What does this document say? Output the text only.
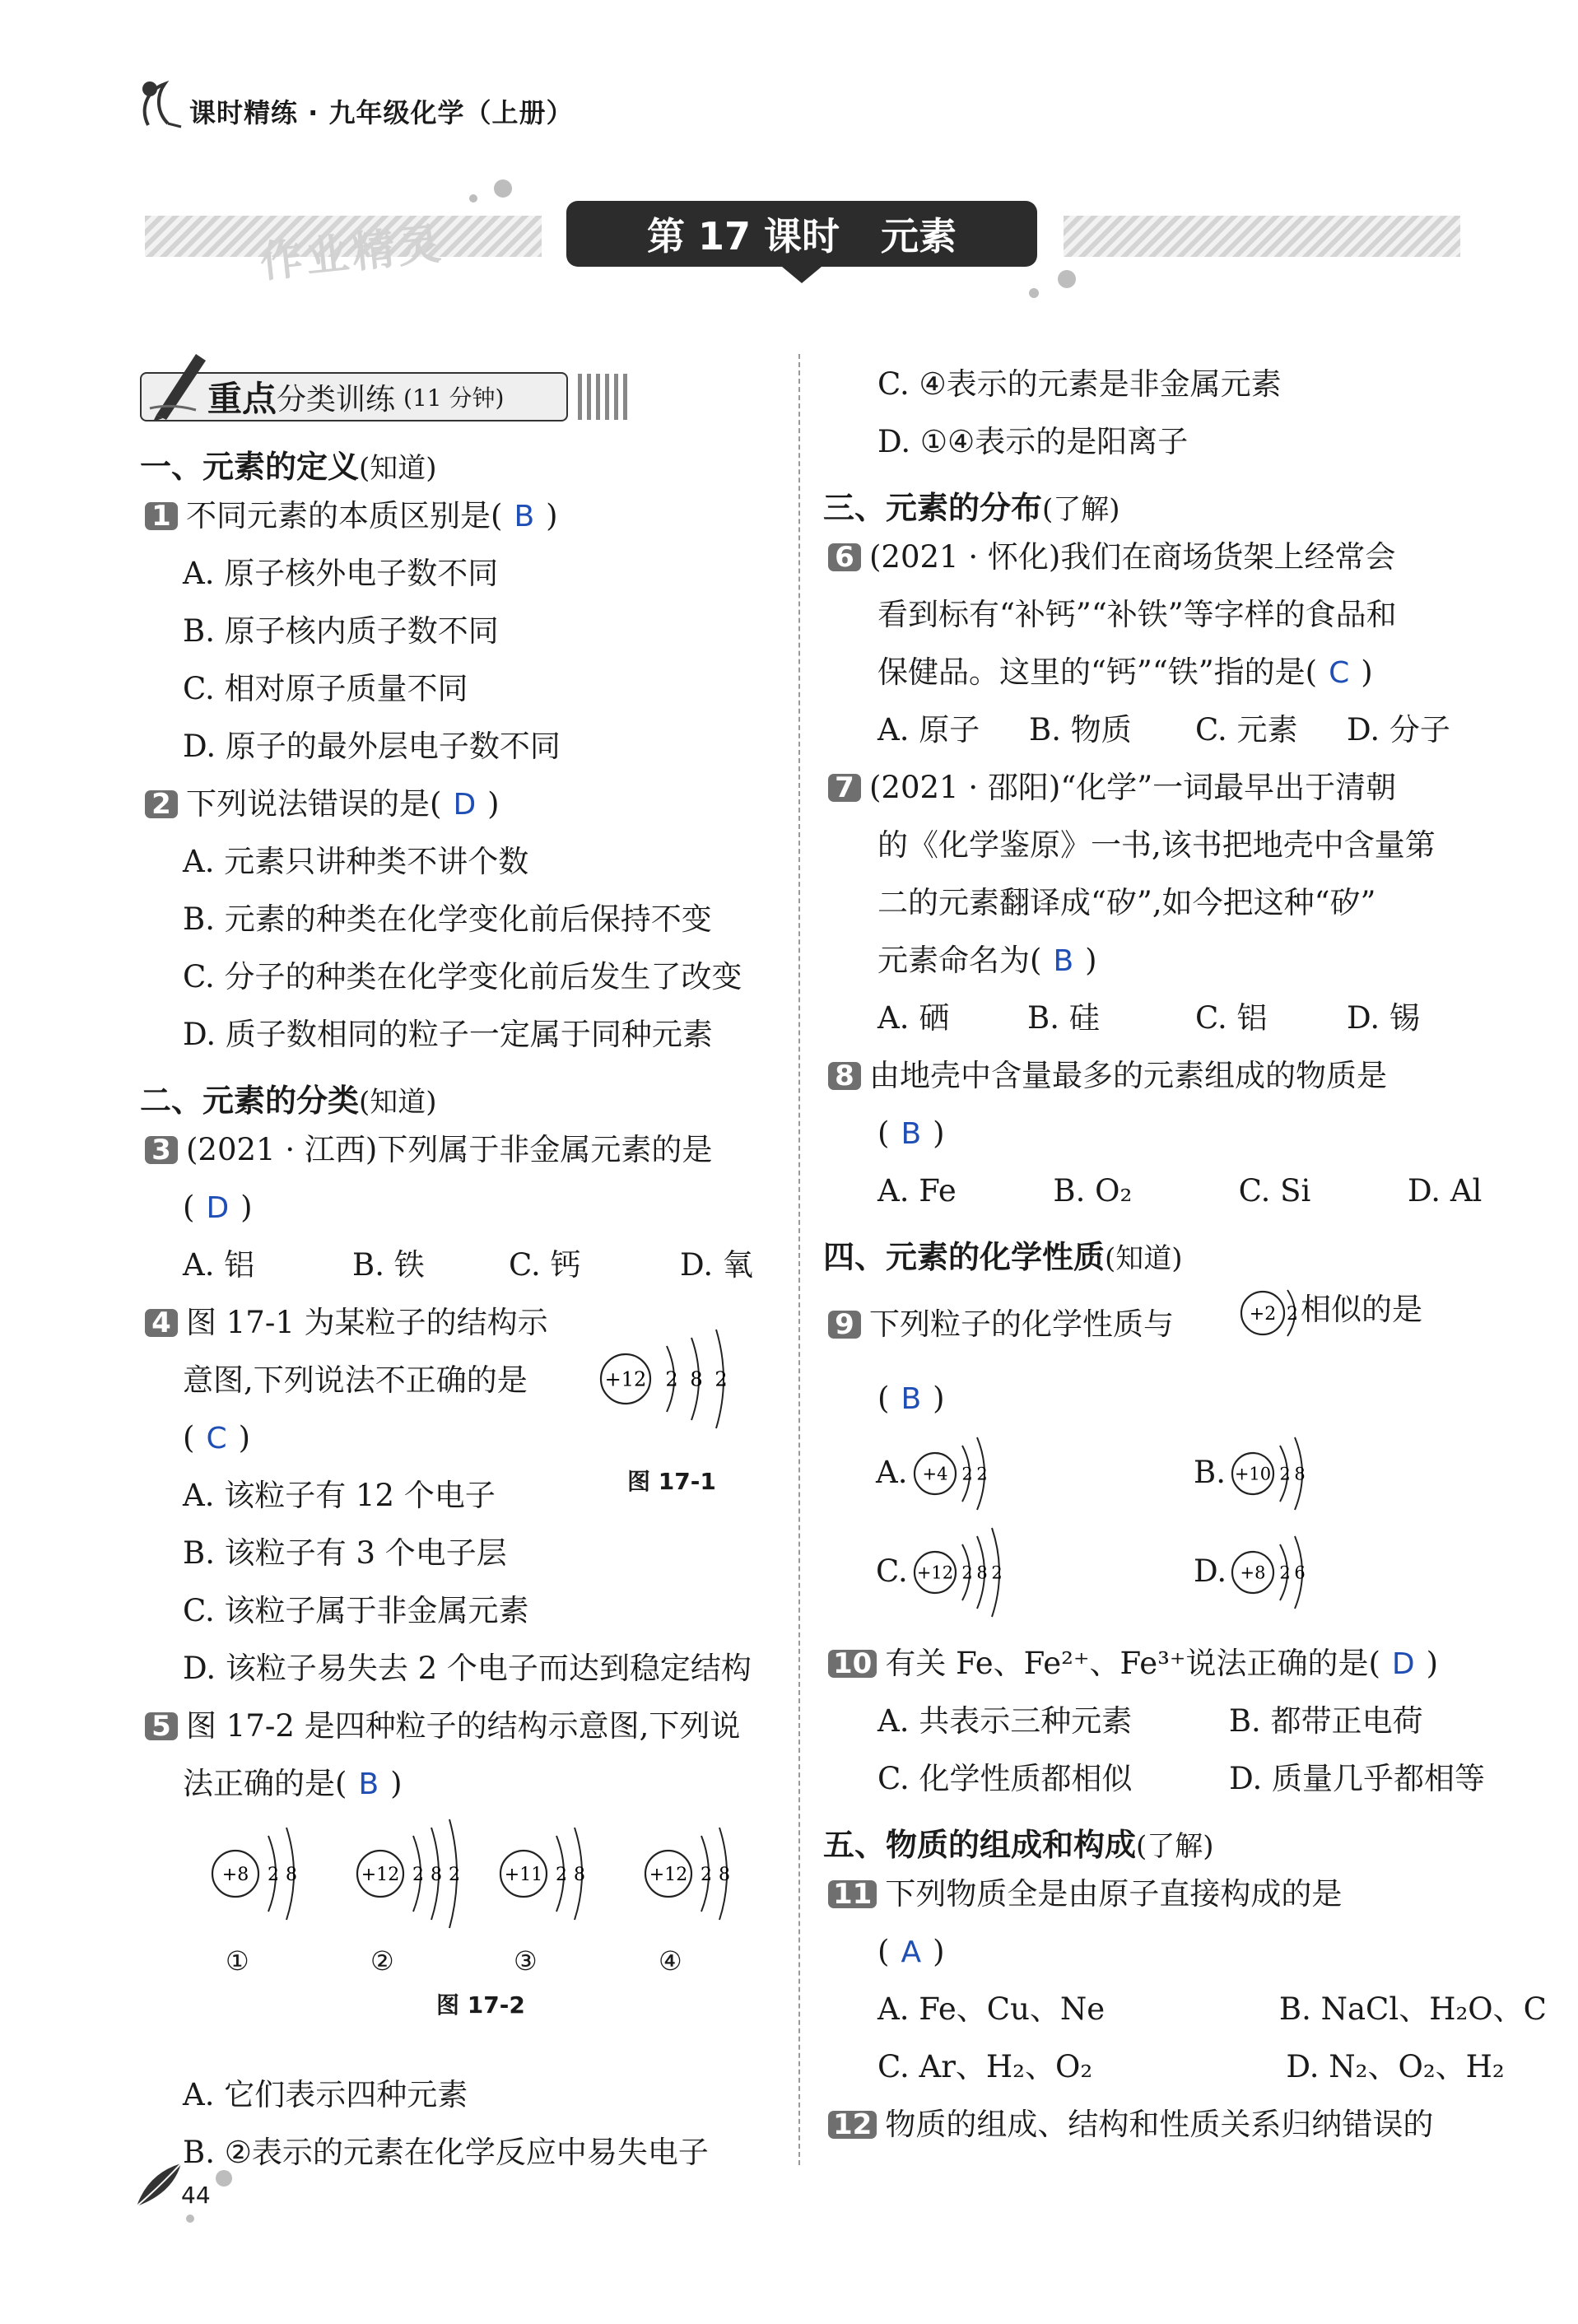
课时精练 · 九年级化学（上册）
作业精灵	第 17 课时 元素
重点 分类训练 (11 分钟)
一、元素的定义(知道)
1 不同元素的本质区别是( B )
A. 原子核外电子数不同
B. 原子核内质子数不同
C. 相对原子质量不同
D. 原子的最外层电子数不同
2 下列说法错误的是( D )
A. 元素只讲种类不讲个数
B. 元素的种类在化学变化前后保持不变
C. 分子的种类在化学变化前后发生了改变
D. 质子数相同的粒子一定属于同种元素
二、元素的分类(知道)
3 (2021 · 江西)下列属于非金属元素的是
( D )
A. 铝	B. 铁	C. 钙	D. 氧
4 图 17-1 为某粒子的结构示
意图,下列说法不正确的是
( C )
A. 该粒子有 12 个电子
B. 该粒子有 3 个电子层
C. 该粒子属于非金属元素
D. 该粒子易失去 2 个电子而达到稳定结构
5 图 17-2 是四种粒子的结构示意图,下列说
法正确的是( B )
A. 它们表示四种元素
B. ②表示的元素在化学反应中易失电子
C. ④表示的元素是非金属元素
D. ①④表示的是阳离子
三、元素的分布(了解)
6 (2021 · 怀化)我们在商场货架上经常会
看到标有“补钙”“补铁”等字样的食品和
保健品。这里的“钙”“铁”指的是( C )
A. 原子 B. 物质 C. 元素 D. 分子
7 (2021 · 邵阳)“化学”一词最早出于清朝
的《化学鉴原》一书,该书把地壳中含量第
二的元素翻译成“矽”,如今把这种“矽”
元素命名为( B )
A. 硒	B. 硅	C. 铝	D. 锡
8 由地壳中含量最多的元素组成的物质是
( B )
A. Fe          B. O₂           C. Si          D. Al
四、元素的化学性质(知道)
9 下列粒子的化学性质与
( B )
10 有关 Fe、Fe²⁺、Fe³⁺说法正确的是( D )
A. 共表示三种元素          B. 都带正电荷
C. 化学性质都相似          D. 质量几乎都相等
五、物质的组成和构成(了解)
11 下列物质全是由原子直接构成的是
( A )
A. Fe、Cu、Ne                  B. NaCl、H₂O、C
C. Ar、H₂、O₂                    D. N₂、O₂、H₂
12 物质的组成、结构和性质关系归纳错误的
+12 2 8 2
图 17-1
+8 2 8
①
+12 2 8 2
②
+11 2 8
③
+12 2 8
④
图 17-2
+2 2 相似的是
A. +4 2 2	B. +10 2 8
C. +12 2 8 2	D. +8 2 6
44
